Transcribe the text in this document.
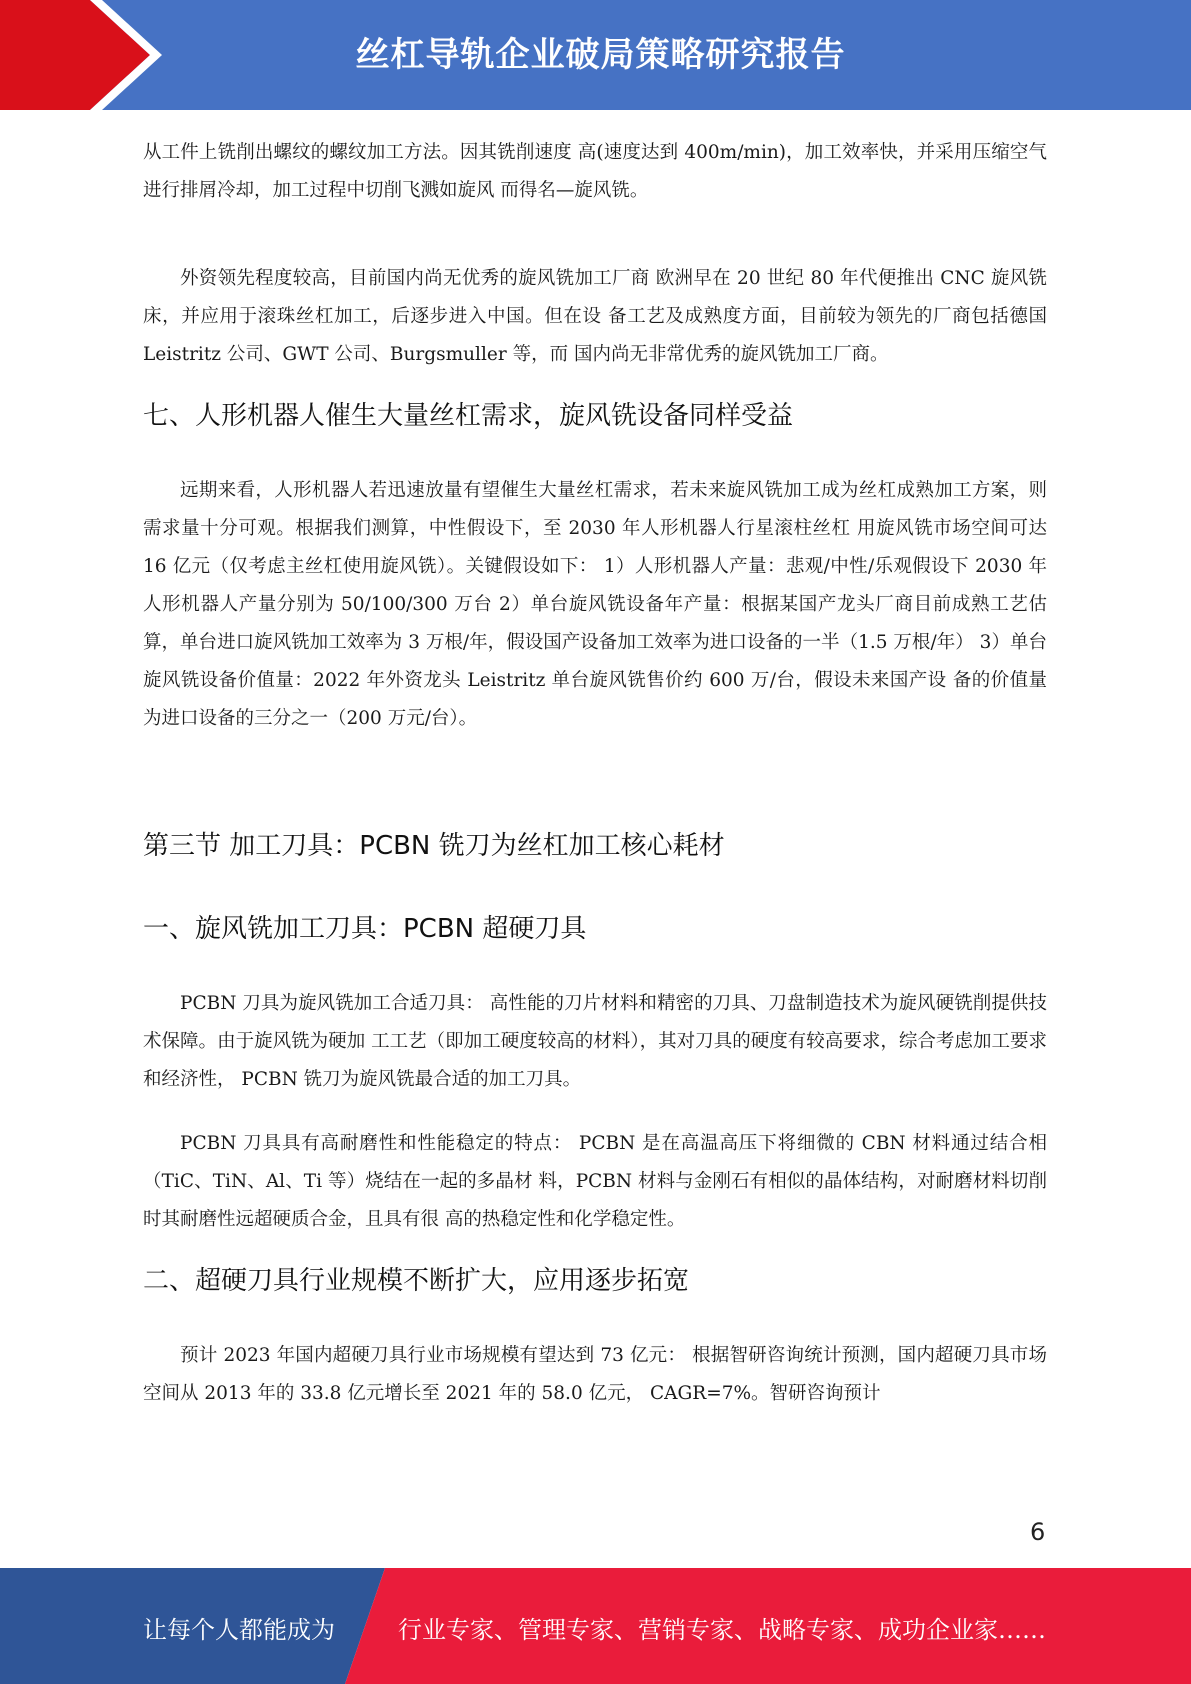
丝杠导轨企业破局策略研究报告

从工件上铣削出螺纹的螺纹加工方法。因其铣削速度 高(速度达到 400m/min)，加工效率快，并采用压缩空气进行排屑冷却，加工过程中切削飞溅如旋风 而得名—旋风铣。

外资领先程度较高，目前国内尚无优秀的旋风铣加工厂商 欧洲早在 20 世纪 80 年代便推出 CNC 旋风铣床，并应用于滚珠丝杠加工，后逐步进入中国。但在设 备工艺及成熟度方面，目前较为领先的厂商包括德国 Leistritz 公司、GWT 公司、Burgsmuller 等，而 国内尚无非常优秀的旋风铣加工厂商。

七、人形机器人催生大量丝杠需求，旋风铣设备同样受益

远期来看，人形机器人若迅速放量有望催生大量丝杠需求，若未来旋风铣加工成为丝杠成熟加工方案，则需求量十分可观。根据我们测算，中性假设下，至 2030 年人形机器人行星滚柱丝杠 用旋风铣市场空间可达 16 亿元（仅考虑主丝杠使用旋风铣）。关键假设如下： 1）人形机器人产量：悲观/中性/乐观假设下 2030 年人形机器人产量分别为 50/100/300 万台 2）单台旋风铣设备年产量：根据某国产龙头厂商目前成熟工艺估算，单台进口旋风铣加工效率为 3 万根/年，假设国产设备加工效率为进口设备的一半（1.5 万根/年） 3）单台旋风铣设备价值量：2022 年外资龙头 Leistritz 单台旋风铣售价约 600 万/台，假设未来国产设 备的价值量为进口设备的三分之一（200 万元/台）。

第三节 加工刀具：PCBN 铣刀为丝杠加工核心耗材
一、旋风铣加工刀具：PCBN 超硬刀具

PCBN 刀具为旋风铣加工合适刀具： 高性能的刀片材料和精密的刀具、刀盘制造技术为旋风硬铣削提供技术保障。由于旋风铣为硬加 工工艺（即加工硬度较高的材料），其对刀具的硬度有较高要求，综合考虑加工要求和经济性， PCBN 铣刀为旋风铣最合适的加工刀具。

PCBN 刀具具有高耐磨性和性能稳定的特点： PCBN 是在高温高压下将细微的 CBN 材料通过结合相（TiC、TiN、Al、Ti 等）烧结在一起的多晶材 料，PCBN 材料与金刚石有相似的晶体结构，对耐磨材料切削时其耐磨性远超硬质合金，且具有很 高的热稳定性和化学稳定性。

二、超硬刀具行业规模不断扩大，应用逐步拓宽

预计 2023 年国内超硬刀具行业市场规模有望达到 73 亿元： 根据智研咨询统计预测，国内超硬刀具市场空间从 2013 年的 33.8 亿元增长至 2021 年的 58.0 亿元， CAGR=7%。智研咨询预计

6
让每个人都能成为	行业专家、管理专家、营销专家、战略专家、成功企业家……
